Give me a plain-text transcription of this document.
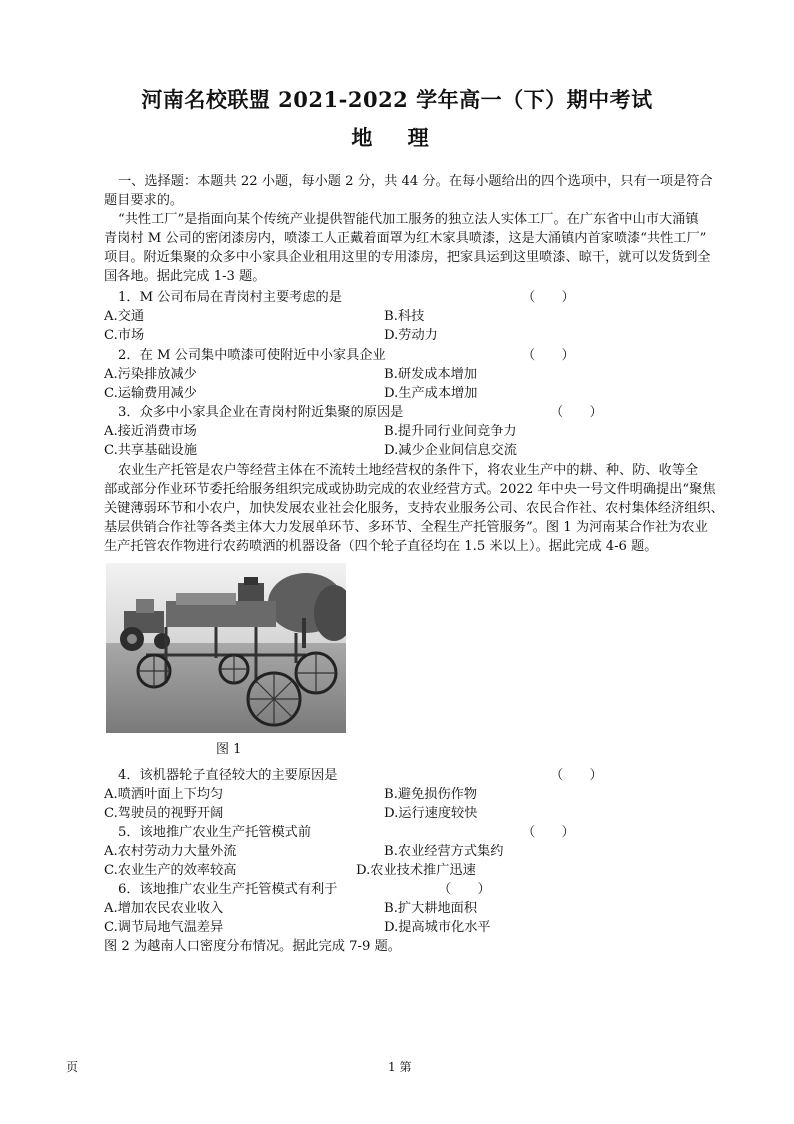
河南名校联盟 2021-2022 学年高一（下）期中考试
地 理
一、选择题：本题共 22 小题，每小题 2 分，共 44 分。在每小题给出的四个选项中，只有一项是符合
题目要求的。
“共性工厂”是指面向某个传统产业提供智能代加工服务的独立法人实体工厂。在广东省中山市大涌镇
青岗村 M 公司的密闭漆房内，喷漆工人正戴着面罩为红木家具喷漆，这是大涌镇内首家喷漆“共性工厂”
项目。附近集聚的众多中小家具企业租用这里的专用漆房，把家具运到这里喷漆、晾干，就可以发货到全
国各地。据此完成 1-3 题。
1．M 公司布局在青岗村主要考虑的是	（　　）
A.交通	B.科技
C.市场	D.劳动力
2．在 M 公司集中喷漆可使附近中小家具企业	（　　）
A.污染排放减少	B.研发成本增加
C.运输费用减少	D.生产成本增加
3．众多中小家具企业在青岗村附近集聚的原因是	（　　）
A.接近消费市场	B.提升同行业间竞争力
C.共享基础设施	D.减少企业间信息交流
农业生产托管是农户等经营主体在不流转土地经营权的条件下，将农业生产中的耕、种、防、收等全
部或部分作业环节委托给服务组织完成或协助完成的农业经营方式。2022 年中央一号文件明确提出“聚焦
关键薄弱环节和小农户，加快发展农业社会化服务，支持农业服务公司、农民合作社、农村集体经济组织、
基层供销合作社等各类主体大力发展单环节、多环节、全程生产托管服务”。图 1 为河南某合作社为农业
生产托管农作物进行农药喷洒的机器设备（四个轮子直径均在 1.5 米以上）。据此完成 4-6 题。
图 1
4．该机器轮子直径较大的主要原因是	（　　）
A.喷洒叶面上下均匀	B.避免损伤作物
C.驾驶员的视野开阔	D.运行速度较快
5．该地推广农业生产托管模式前	（　　）
A.农村劳动力大量外流	B.农业经营方式集约
C.农业生产的效率较高	D.农业技术推广迅速
6．该地推广农业生产托管模式有利于	（　　）
A.增加农民农业收入	B.扩大耕地面积
C.调节局地气温差异	D.提高城市化水平
图 2 为越南人口密度分布情况。据此完成 7-9 题。
页	1 第
